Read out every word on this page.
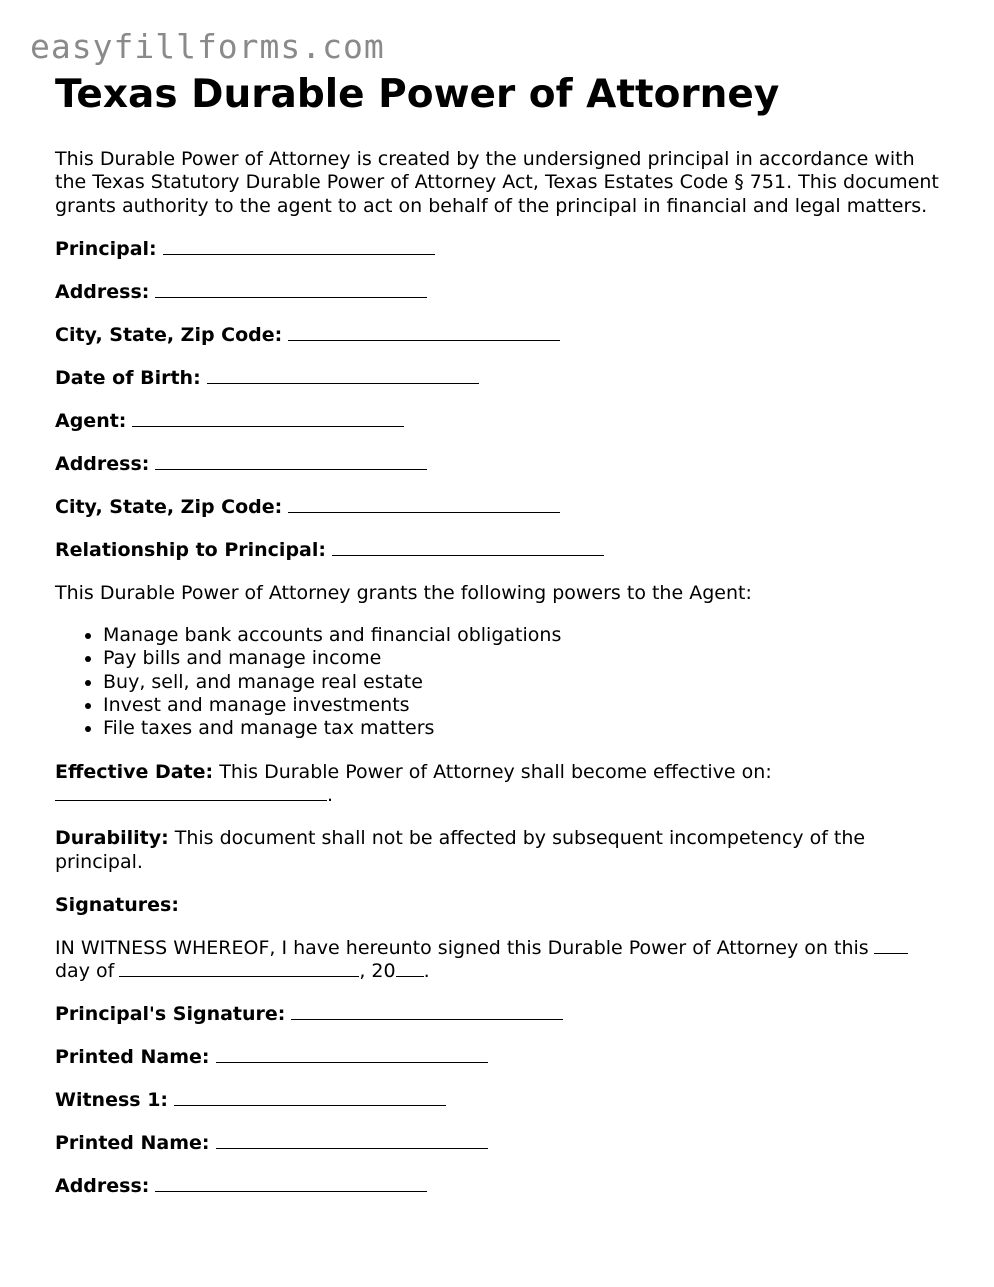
easyfillforms.com
Texas Durable Power of Attorney

This Durable Power of Attorney is created by the undersigned principal in accordance with the Texas Statutory Durable Power of Attorney Act, Texas Estates Code § 751. This document grants authority to the agent to act on behalf of the principal in financial and legal matters.

Principal:
Address:
City, State, Zip Code:
Date of Birth:
Agent:
Address:
City, State, Zip Code:
Relationship to Principal:

This Durable Power of Attorney grants the following powers to the Agent:

• Manage bank accounts and financial obligations
• Pay bills and manage income
• Buy, sell, and manage real estate
• Invest and manage investments
• File taxes and manage tax matters

Effective Date: This Durable Power of Attorney shall become effective on:
.

Durability: This document shall not be affected by subsequent incompetency of the principal.

Signatures:

IN WITNESS WHEREOF, I have hereunto signed this Durable Power of Attorney on this
day of	, 20 .

Principal's Signature:
Printed Name:
Witness 1:
Printed Name:
Address:
